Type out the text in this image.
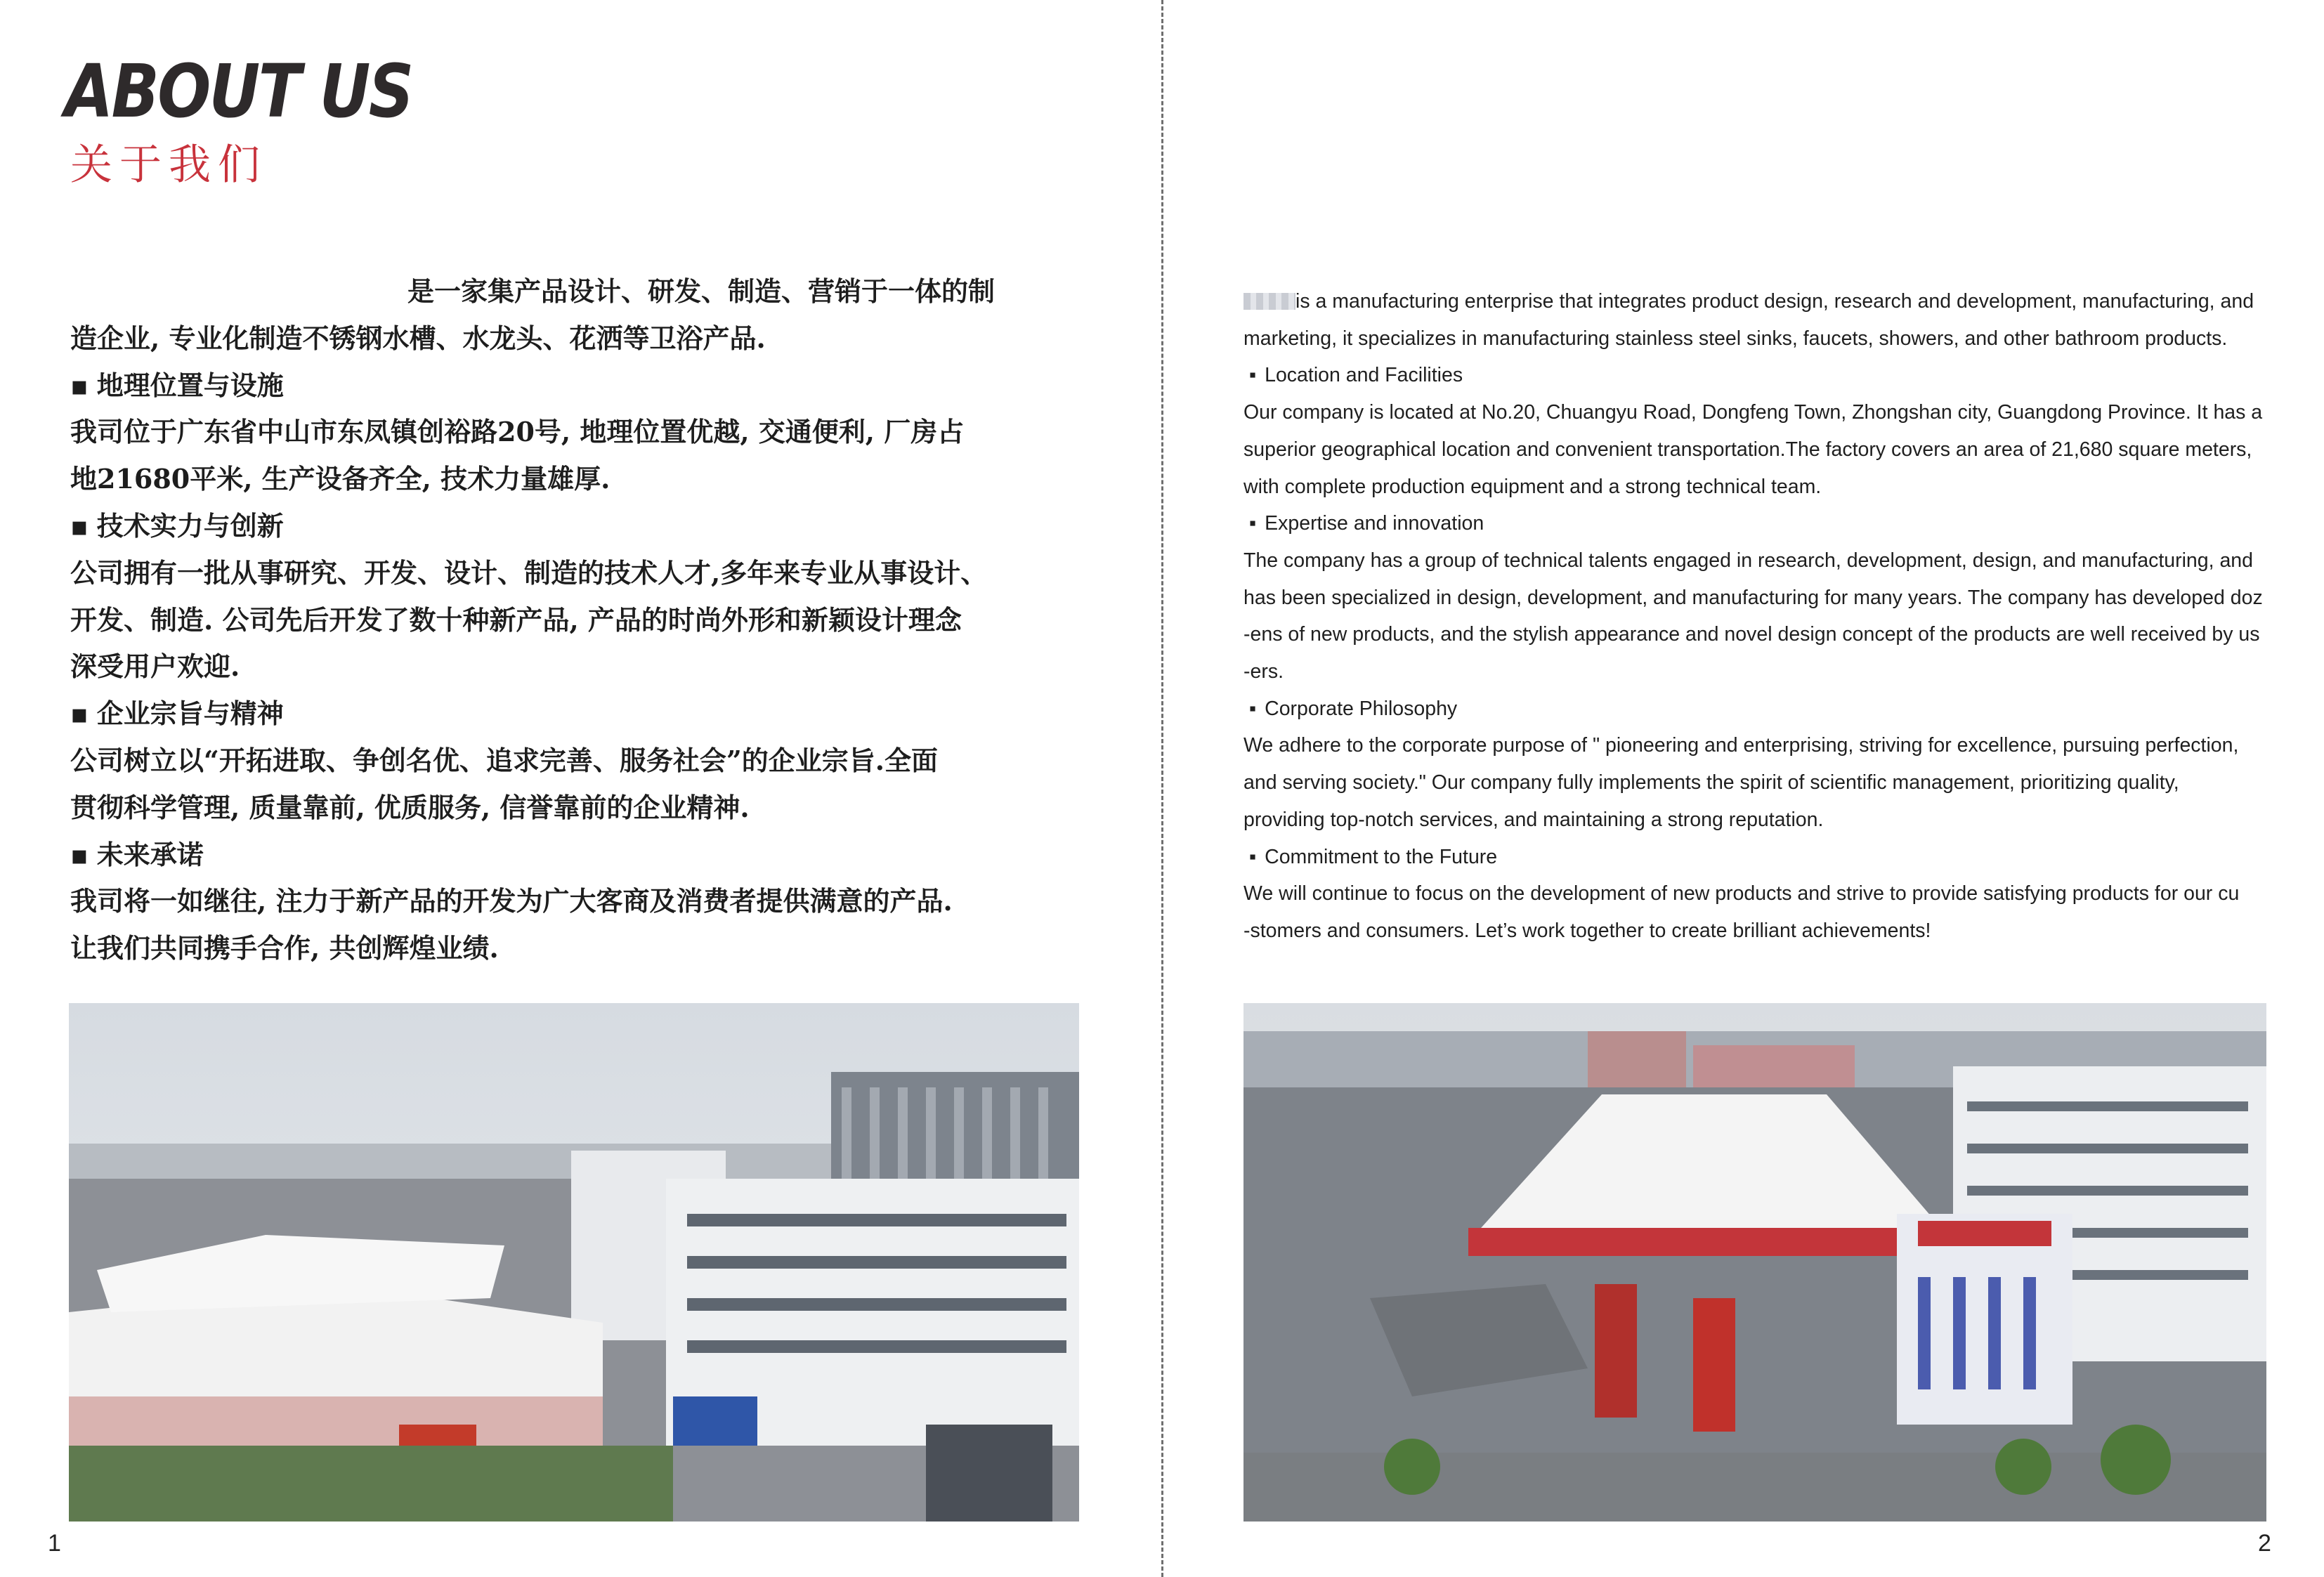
ABOUT US
关于我们

是一家集产品设计、研发、制造、营销于一体的制

造企业, 专业化制造不锈钢水槽、水龙头、花洒等卫浴产品.

▪ 地理位置与设施

我司位于广东省中山市东凤镇创裕路20号, 地理位置优越, 交通便利, 厂房占

地21680平米, 生产设备齐全, 技术力量雄厚.

▪ 技术实力与创新

公司拥有一批从事研究、开发、设计、制造的技术人才,多年来专业从事设计、

开发、制造. 公司先后开发了数十种新产品, 产品的时尚外形和新颖设计理念

深受用户欢迎.

▪ 企业宗旨与精神

公司树立以“开拓进取、争创名优、追求完善、服务社会”的企业宗旨.全面

贯彻科学管理, 质量靠前, 优质服务, 信誉靠前的企业精神.

▪ 未来承诺

我司将一如继往, 注力于新产品的开发为广大客商及消费者提供满意的产品.

让我们共同携手合作, 共创辉煌业绩.

1

is a manufacturing enterprise that integrates product design, research and development, manufacturing, and

marketing, it specializes in manufacturing stainless steel sinks, faucets, showers, and other bathroom products.

▪ Location and Facilities

Our company is located at No.20, Chuangyu Road, Dongfeng Town, Zhongshan city, Guangdong Province. It has a

superior geographical location and convenient transportation.The factory covers an area of 21,680 square meters,

with complete production equipment and a strong technical team.

▪ Expertise and innovation

The company has a group of technical talents engaged in research, development, design, and manufacturing, and

has been specialized in design, development, and manufacturing for many years. The company has developed doz

-ens of new products, and the stylish appearance and novel design concept of the products are well received by us

-ers.

▪ Corporate Philosophy

We adhere to the corporate purpose of " pioneering and enterprising, striving for excellence, pursuing perfection,

and serving society." Our company fully implements the spirit of scientific management, prioritizing quality,

providing top-notch services, and maintaining a strong reputation.

▪ Commitment to the Future

We will continue to focus on the development of new products and strive to provide satisfying products for our cu

-stomers and consumers. Let’s work together to create brilliant achievements!

2
